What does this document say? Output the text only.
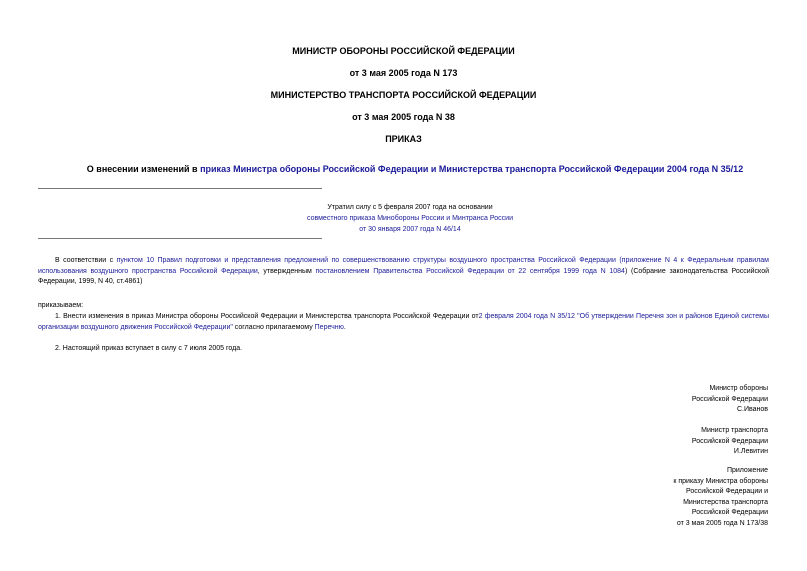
МИНИСТР ОБОРОНЫ РОССИЙСКОЙ ФЕДЕРАЦИИ
от 3 мая 2005 года N 173
МИНИСТЕРСТВО ТРАНСПОРТА РОССИЙСКОЙ ФЕДЕРАЦИИ
от 3 мая 2005 года N 38
ПРИКАЗ
О внесении изменений в приказ Министра обороны Российской Федерации и Министерства транспорта Российской Федерации 2004 года N 35/12
Утратил силу с 5 февраля 2007 года на основании
совместного приказа Минобороны России и Минтранса России
от 30 января 2007 года N 46/14
В соответствии с пунктом 10 Правил подготовки и представления предложений по совершенствованию структуры воздушного пространства Российской Федерации (приложение N 4 к Федеральным правилам использования воздушного пространства Российской Федерации, утвержденным постановлением Правительства Российской Федерации от 22 сентября 1999 года N 1084) (Собрание законодательства Российской Федерации, 1999, N 40, ст.4861)
приказываем:
1. Внести изменения в приказ Министра обороны Российской Федерации и Министерства транспорта Российской Федерации от2 февраля 2004 года N 35/12 "Об утверждении Перечня зон и районов Единой системы организации воздушного движения Российской Федерации" согласно прилагаемому Перечню.
2. Настоящий приказ вступает в силу с 7 июля 2005 года.
Министр обороны
Российской Федерации
С.Иванов
Министр транспорта
Российской Федерации
И.Левитин
Приложение
к приказу Министра обороны
Российской Федерации и
Министерства транспорта
Российской Федерации
от 3 мая 2005 года N 173/38
